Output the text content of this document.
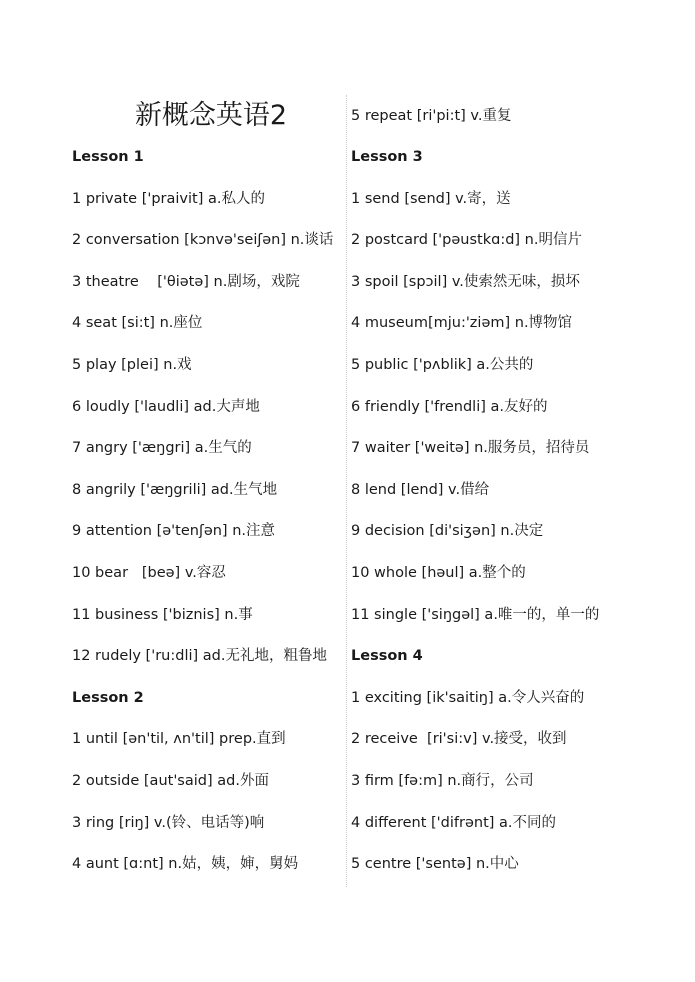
新概念英语2
Lesson 1
1 private ['praivit] a.私人的
2 conversation [kɔnvə'seiʃən] n.谈话
3 theatre    ['θiətə] n.剧场，戏院
4 seat [si:t] n.座位
5 play [plei] n.戏
6 loudly ['laudli] ad.大声地
7 angry ['æŋgri] a.生气的
8 angrily ['æŋgrili] ad.生气地
9 attention [ə'tenʃən] n.注意
10 bear   [beə] v.容忍
11 business ['biznis] n.事
12 rudely ['ru:dli] ad.无礼地，粗鲁地
Lesson 2
1 until [ən'til, ʌn'til] prep.直到
2 outside [aut'said] ad.外面
3 ring [riŋ] v.(铃、电话等)响
4 aunt [ɑ:nt] n.姑，姨，婶，舅妈
5 repeat [ri'pi:t] v.重复
Lesson 3
1 send [send] v.寄，送
2 postcard ['pəustkɑ:d] n.明信片
3 spoil [spɔil] v.使索然无味，损坏
4 museum[mju:'ziəm] n.博物馆
5 public ['pʌblik] a.公共的
6 friendly ['frendli] a.友好的
7 waiter ['weitə] n.服务员，招待员
8 lend [lend] v.借给
9 decision [di'siʒən] n.决定
10 whole [həul] a.整个的
11 single ['siŋgəl] a.唯一的，单一的
Lesson 4
1 exciting [ik'saitiŋ] a.令人兴奋的
2 receive  [ri'si:v] v.接受，收到
3 firm [fə:m] n.商行，公司
4 different ['difrənt] a.不同的
5 centre ['sentə] n.中心
